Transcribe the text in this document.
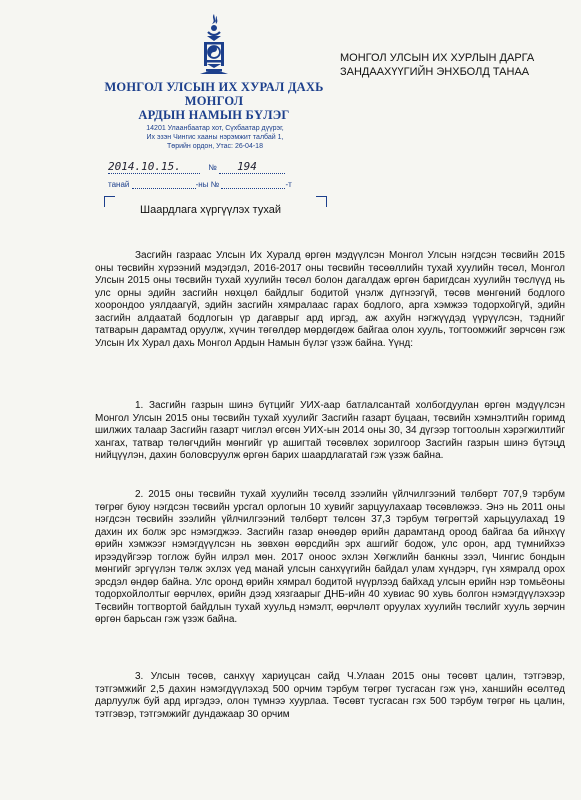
МОНГОЛ УЛСЫН ИХ ХУРАЛ ДАХЬ
МОНГОЛ
АРДЫН НАМЫН БҮЛЭГ
14201 Улаанбаатар хот, Сүхбаатар дүүрэг,
Их эзэн Чингис хааны нэрэмжит талбай 1,
Төрийн ордон, Утас: 26-04-18
МОНГОЛ УЛСЫН ИХ ХУРЛЫН ДАРГА
ЗАНДААХҮҮГИЙН ЭНХБОЛД ТАНАА
2014.10.15.	№ 194
танай	-ны №	-т
Шаардлага хүргүүлэх тухай

Засгийн газраас Улсын Их Хуралд өргөн мэдүүлсэн Монгол Улсын нэгдсэн төсвийн 2015 оны төсвийн хүрээний мэдэгдэл, 2016-2017 оны төсвийн төсөөллийн тухай хуулийн төсөл, Монгол Улсын 2015 оны төсвийн тухай хуулийн төсөл болон дагалдаж өргөн баригдсан хуулийн төслүүд нь улс орны эдийн засгийн нөхцөл байдлыг бодитой үнэлж дүгнээгүй, төсөв мөнгөний бодлого хоорондоо уялдаагүй, эдийн засгийн хямралаас гарах бодлого, арга хэмжээ тодорхойгүй, эдийн засгийн алдаатай бодлогын үр дагаврыг ард иргэд, аж ахуйн нэгжүүдэд үүрүүлсэн, тэднийг татварын дарамтад оруулж, хүчин төгөлдөр мөрдөгдөж байгаа олон хууль, тогтоомжийг зөрчсөн гэж Улсын Их Хурал дахь Монгол Ардын Намын бүлэг үзэж байна. Үүнд:

1. Засгийн газрын шинэ бүтцийг УИХ-аар батлалсантай холбогдуулан өргөн мэдүүлсэн Монгол Улсын 2015 оны төсвийн тухай хуулийг Засгийн газарт буцаан, төсвийн хэмнэлтийн горимд шилжих талаар Засгийн газарт чиглэл өгсөн УИХ-ын 2014 оны 30, 34 дүгээр тогтоолын хэрэгжилтийг хангах, татвар төлөгчдийн мөнгийг үр ашигтай төсөвлөх зорилгоор Засгийн газрын шинэ бүтэцд нийцүүлэн, дахин боловсруулж өргөн барих шаардлагатай гэж үзэж байна.

2. 2015 оны төсвийн тухай хуулийн төсөлд зээлийн үйлчилгээний төлбөрт 707,9 тэрбум төгрөг буюу нэгдсэн төсвийн урсгал орлогын 10 хувийг зарцуулахаар төсөвлөжээ. Энэ нь 2011 оны нэгдсэн төсвийн зээлийн үйлчилгээний төлбөрт төлсөн 37,3 тэрбум төгрөгтэй харьцуулахад 19 дахин их болж эрс нэмэгджээ. Засгийн газар өнөөдөр өрийн дарамтанд ороод байгаа ба ийнхүү өрийн хэмжээг нэмэгдүүлсэн нь зөвхөн өөрсдийн эрх ашгийг бодож, улс орон, ард түмнийхээ ирээдүйгээр тоглож буйн илрэл мөн. 2017 оноос эхлэн Хөгжлийн банкны зээл, Чингис бондын мөнгийг эргүүлэн төлж эхлэх үед манай улсын санхүүгийн байдал улам хүндэрч, гүн хямралд орох эрсдэл өндөр байна. Улс оронд өрийн хямрал бодитой нүүрлээд байхад улсын өрийн нэр томьёоны тодорхойлолтыг өөрчлөх, өрийн дээд хязгаарыг ДНБ-ийн 40 хувиас 90 хувь болгон нэмэгдүүлэхээр Төсвийн тогтвортой байдлын тухай хуульд нэмэлт, өөрчлөлт оруулах хуулийн төслийг хууль зөрчин өргөн барьсан гэж үзэж байна.

3. Улсын төсөв, санхүү хариуцсан сайд Ч.Улаан 2015 оны төсөвт цалин, тэтгэвэр, тэтгэмжийг 2,5 дахин нэмэгдүүлэхэд 500 орчим тэрбум төгрөг тусгасан гэж үнэ, ханшийн өсөлтөд дарлуулж буй ард иргэдээ, олон түмнээ хуурлаа. Төсөвт тусгасан гэх 500 тэрбум төгрөг нь цалин, тэтгэвэр, тэтгэмжийг дундажаар 30 орчим
